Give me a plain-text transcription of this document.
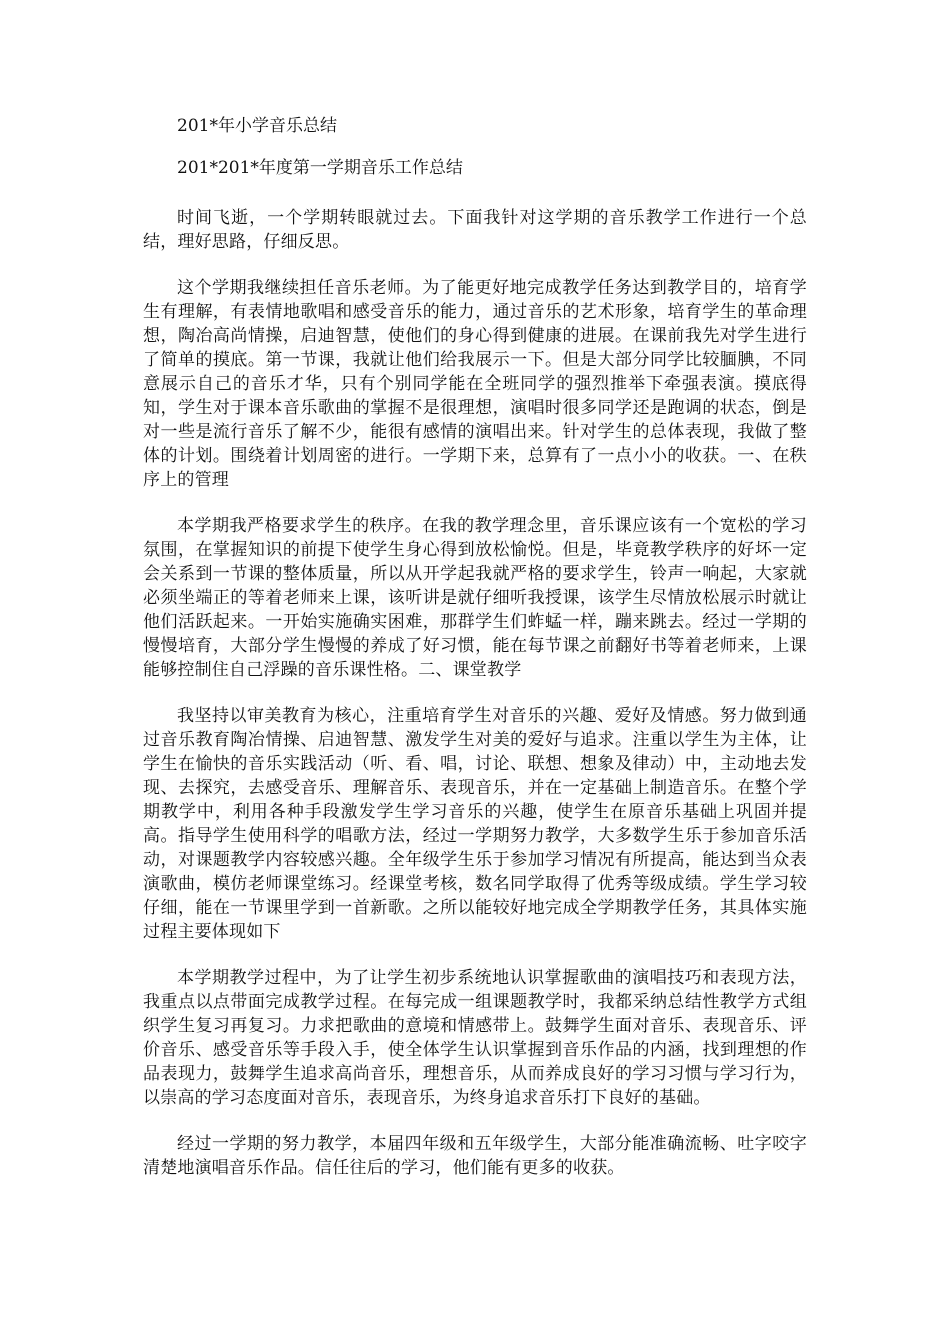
201*年小学音乐总结
201*201*年度第一学期音乐工作总结

时间飞逝，一个学期转眼就过去。下面我针对这学期的音乐教学工作进行一个总结，理好思路，仔细反思。

这个学期我继续担任音乐老师。为了能更好地完成教学任务达到教学目的，培育学生有理解，有表情地歌唱和感受音乐的能力，通过音乐的艺术形象，培育学生的革命理想，陶冶高尚情操，启迪智慧，使他们的身心得到健康的进展。在课前我先对学生进行了简单的摸底。第一节课，我就让他们给我展示一下。但是大部分同学比较腼腆，不同意展示自己的音乐才华，只有个别同学能在全班同学的强烈推举下牵强表演。摸底得知，学生对于课本音乐歌曲的掌握不是很理想，演唱时很多同学还是跑调的状态，倒是对一些是流行音乐了解不少，能很有感情的演唱出来。针对学生的总体表现，我做了整体的计划。围绕着计划周密的进行。一学期下来，总算有了一点小小的收获。一、在秩序上的管理

本学期我严格要求学生的秩序。在我的教学理念里，音乐课应该有一个宽松的学习氛围，在掌握知识的前提下使学生身心得到放松愉悦。但是，毕竟教学秩序的好坏一定会关系到一节课的整体质量，所以从开学起我就严格的要求学生，铃声一响起，大家就必须坐端正的等着老师来上课，该听讲是就仔细听我授课，该学生尽情放松展示时就让他们活跃起来。一开始实施确实困难，那群学生们蚱蜢一样，蹦来跳去。经过一学期的慢慢培育，大部分学生慢慢的养成了好习惯，能在每节课之前翻好书等着老师来，上课能够控制住自己浮躁的音乐课性格。二、课堂教学

我坚持以审美教育为核心，注重培育学生对音乐的兴趣、爱好及情感。努力做到通过音乐教育陶冶情操、启迪智慧、激发学生对美的爱好与追求。注重以学生为主体，让学生在愉快的音乐实践活动（听、看、唱，讨论、联想、想象及律动）中，主动地去发现、去探究，去感受音乐、理解音乐、表现音乐，并在一定基础上制造音乐。在整个学期教学中，利用各种手段激发学生学习音乐的兴趣，使学生在原音乐基础上巩固并提高。指导学生使用科学的唱歌方法，经过一学期努力教学，大多数学生乐于参加音乐活动，对课题教学内容较感兴趣。全年级学生乐于参加学习情况有所提高，能达到当众表演歌曲，模仿老师课堂练习。经课堂考核，数名同学取得了优秀等级成绩。学生学习较仔细，能在一节课里学到一首新歌。之所以能较好地完成全学期教学任务，其具体实施过程主要体现如下

本学期教学过程中，为了让学生初步系统地认识掌握歌曲的演唱技巧和表现方法，我重点以点带面完成教学过程。在每完成一组课题教学时，我都采纳总结性教学方式组织学生复习再复习。力求把歌曲的意境和情感带上。鼓舞学生面对音乐、表现音乐、评价音乐、感受音乐等手段入手，使全体学生认识掌握到音乐作品的内涵，找到理想的作品表现力，鼓舞学生追求高尚音乐，理想音乐，从而养成良好的学习习惯与学习行为，以崇高的学习态度面对音乐，表现音乐，为终身追求音乐打下良好的基础。

经过一学期的努力教学，本届四年级和五年级学生，大部分能准确流畅、吐字咬字清楚地演唱音乐作品。信任往后的学习，他们能有更多的收获。
